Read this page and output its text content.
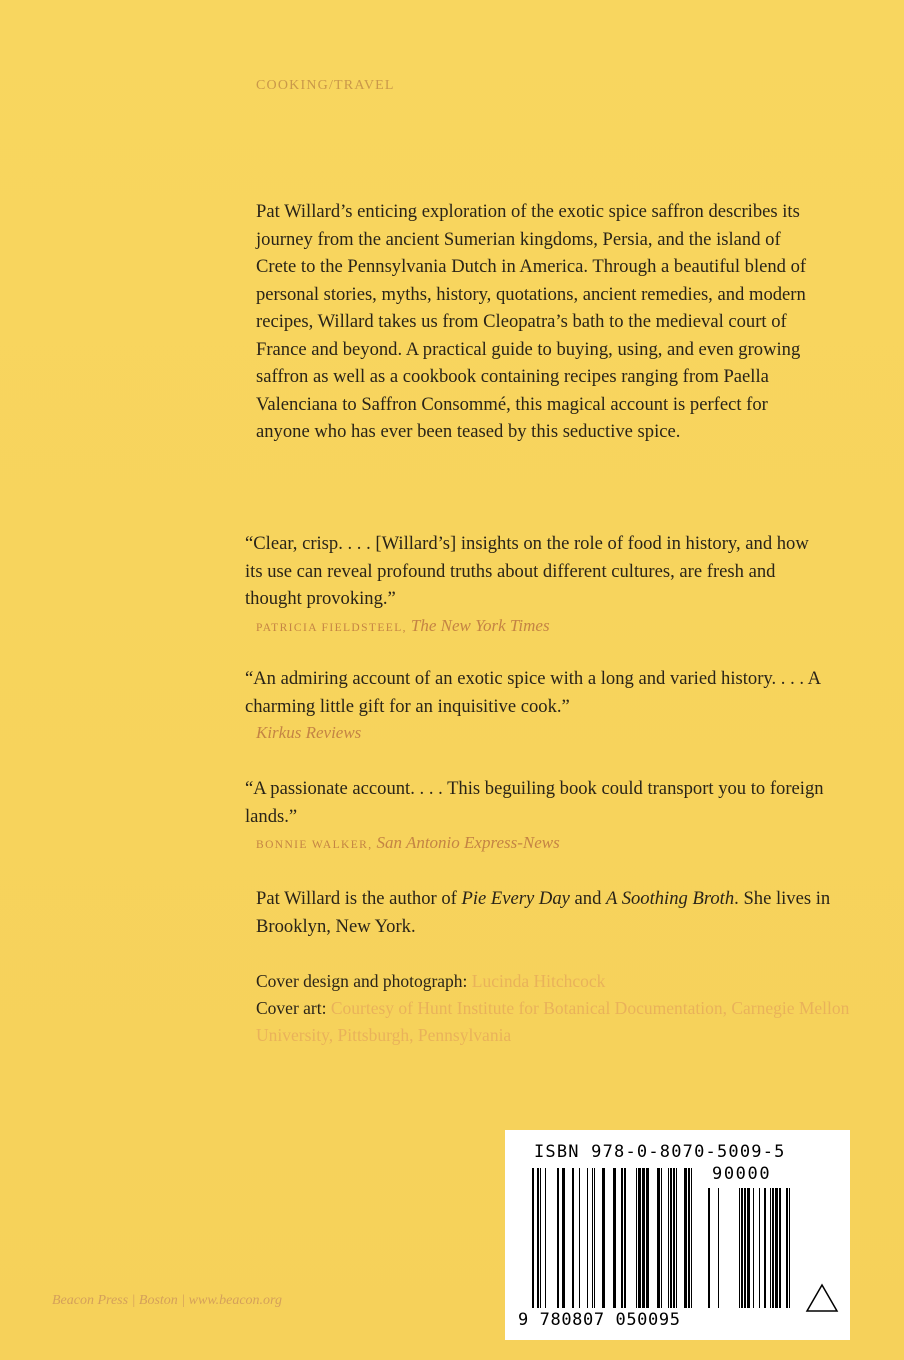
COOKING/TRAVEL

Pat Willard’s enticing exploration of the exotic spice saffron describes its journey from the ancient Sumerian kingdoms, Persia, and the island of Crete to the Pennsylvania Dutch in America. Through a beautiful blend of personal stories, myths, history, quotations, ancient remedies, and modern recipes, Willard takes us from Cleopatra’s bath to the medieval court of France and beyond. A practical guide to buying, using, and even growing saffron as well as a cookbook containing recipes ranging from Paella Valenciana to Saffron Consommé, this magical account is perfect for anyone who has ever been teased by this seductive spice.

“Clear, crisp. . . . [Willard’s] insights on the role of food in history, and how its use can reveal profound truths about different cultures, are fresh and thought provoking.”

PATRICIA FIELDSTEEL, The New York Times

“An admiring account of an exotic spice with a long and varied history. . . . A charming little gift for an inquisitive cook.”

Kirkus Reviews

“A passionate account. . . . This beguiling book could transport you to foreign lands.”

BONNIE WALKER, San Antonio Express-News

Pat Willard is the author of Pie Every Day and A Soothing Broth. She lives in Brooklyn, New York.

Cover design and photograph: Lucinda Hitchcock
Cover art: Courtesy of Hunt Institute for Botanical Documentation, Carnegie Mellon University, Pittsburgh, Pennsylvania

Beacon Press | Boston | www.beacon.org
ISBN 978-0-8070-5009-5
90000
9 780807 050095
